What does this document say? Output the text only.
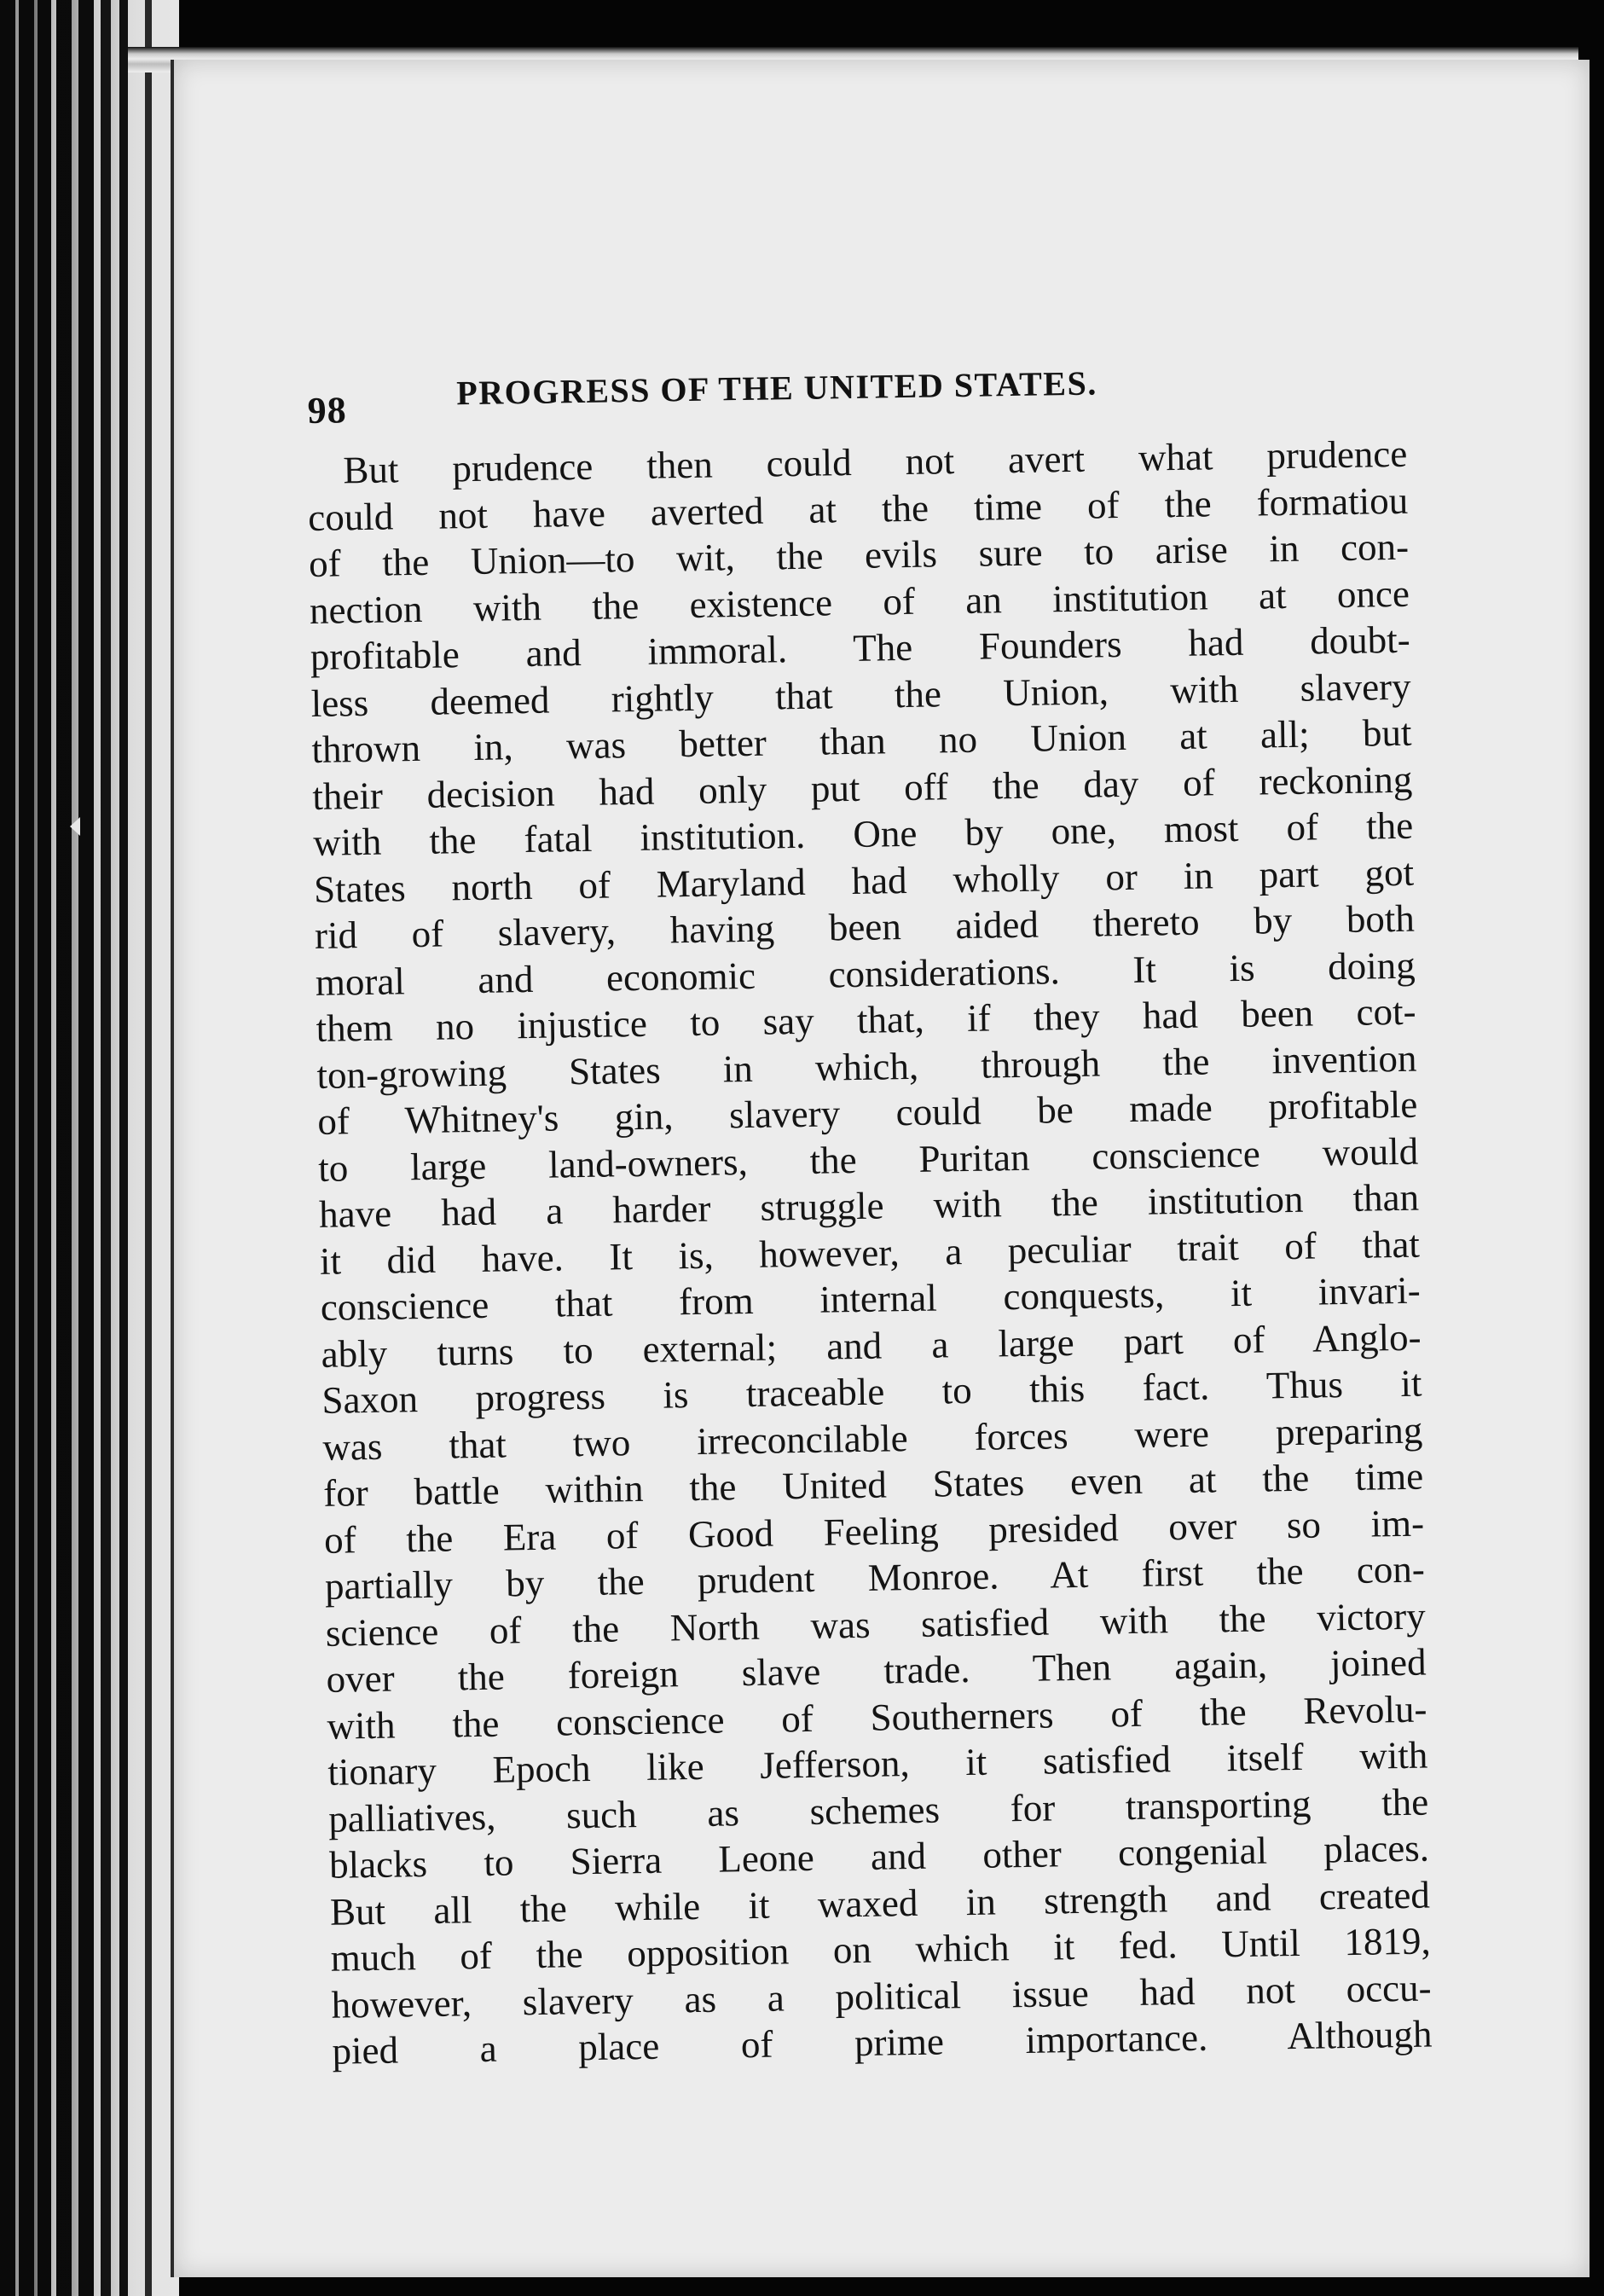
98	PROGRESS OF THE UNITED STATES.
But prudence then could not avert what prudence
could not have averted at the time of the formatiou
of the Union—to wit, the evils sure to arise in con-
nection with the existence of an institution at once
profitable and immoral. The Founders had doubt-
less deemed rightly that the Union, with slavery
thrown in, was better than no Union at all; but
their decision had only put off the day of reckoning
with the fatal institution. One by one, most of the
States north of Maryland had wholly or in part got
rid of slavery, having been aided thereto by both
moral and economic considerations. It is doing
them no injustice to say that, if they had been cot-
ton-growing States in which, through the invention
of Whitney's gin, slavery could be made profitable
to large land-owners, the Puritan conscience would
have had a harder struggle with the institution than
it did have. It is, however, a peculiar trait of that
conscience that from internal conquests, it invari-
ably turns to external; and a large part of Anglo-
Saxon progress is traceable to this fact. Thus it
was that two irreconcilable forces were preparing
for battle within the United States even at the time
of the Era of Good Feeling presided over so im-
partially by the prudent Monroe. At first the con-
science of the North was satisfied with the victory
over the foreign slave trade. Then again, joined
with the conscience of Southerners of the Revolu-
tionary Epoch like Jefferson, it satisfied itself with
palliatives, such as schemes for transporting the
blacks to Sierra Leone and other congenial places.
But all the while it waxed in strength and created
much of the opposition on which it fed. Until 1819,
however, slavery as a political issue had not occu-
pied a place of prime importance. Although
